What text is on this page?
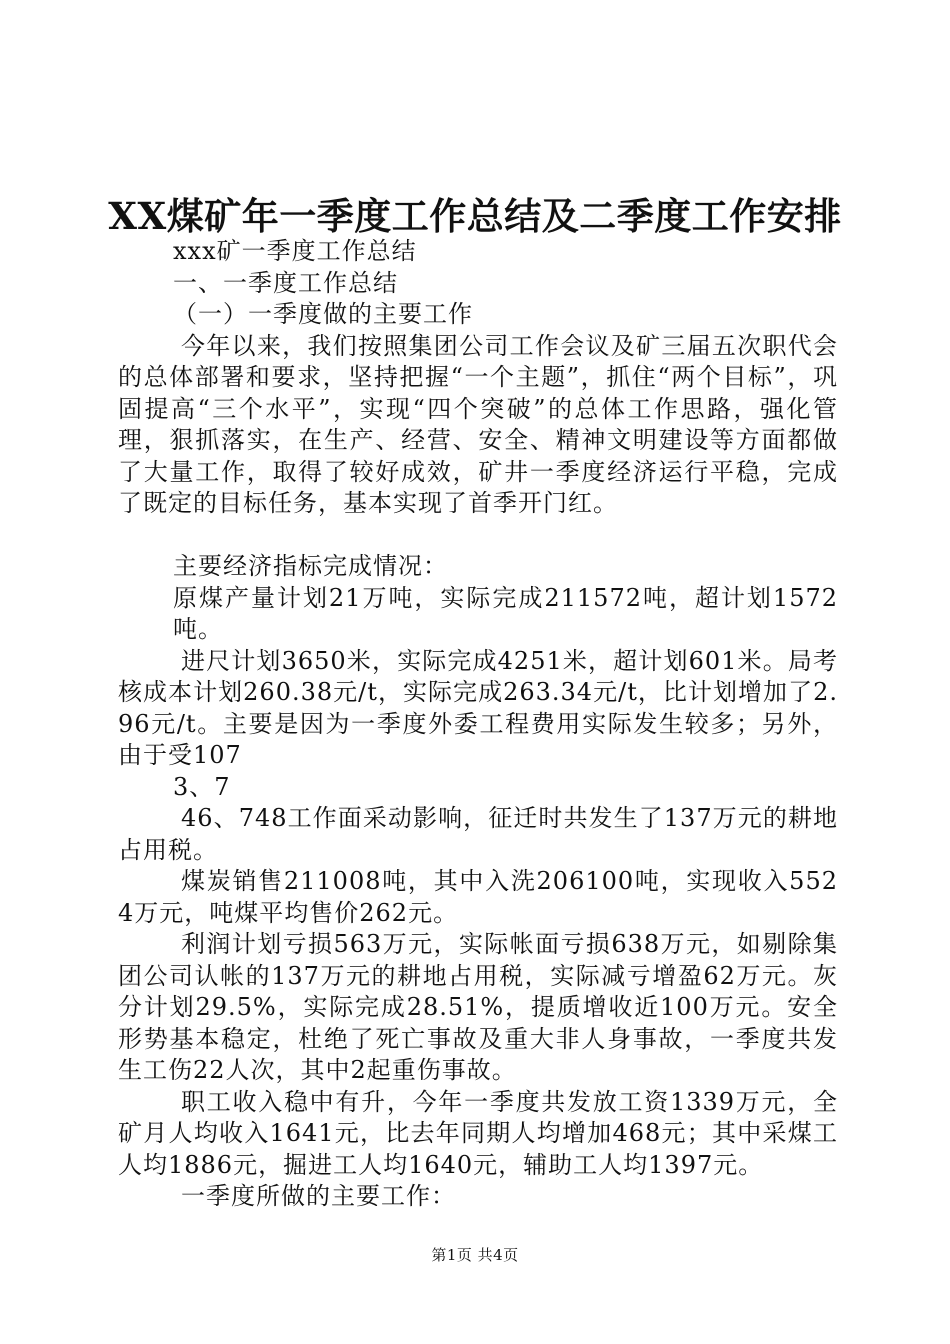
XX煤矿年一季度工作总结及二季度工作安排

xxx矿一季度工作总结

一、一季度工作总结

（一）一季度做的主要工作

今年以来，我们按照集团公司工作会议及矿三届五次职代会的总体部署和要求，坚持把握“一个主题”，抓住“两个目标”，巩固提高“三个水平”，实现“四个突破”的总体工作思路，强化管理，狠抓落实，在生产、经营、安全、精神文明建设等方面都做了大量工作，取得了较好成效，矿井一季度经济运行平稳，完成了既定的目标任务，基本实现了首季开门红。

主要经济指标完成情况：

原煤产量计划21万吨，实际完成211572吨，超计划1572吨。

进尺计划3650米，实际完成4251米，超计划601米。局考核成本计划260.38元/t，实际完成263.34元/t，比计划增加了2.96元/t。主要是因为一季度外委工程费用实际发生较多；另外，由于受107

3、7

46、748工作面采动影响，征迁时共发生了137万元的耕地占用税。

煤炭销售211008吨，其中入洗206100吨，实现收入5524万元，吨煤平均售价262元。

利润计划亏损563万元，实际帐面亏损638万元，如剔除集团公司认帐的137万元的耕地占用税，实际减亏增盈62万元。灰分计划29.5%，实际完成28.51%，提质增收近100万元。安全形势基本稳定，杜绝了死亡事故及重大非人身事故，一季度共发生工伤22人次，其中2起重伤事故。

职工收入稳中有升，今年一季度共发放工资1339万元，全矿月人均收入1641元，比去年同期人均增加468元；其中采煤工人均1886元，掘进工人均1640元，辅助工人均1397元。

一季度所做的主要工作：

第1页 共4页
